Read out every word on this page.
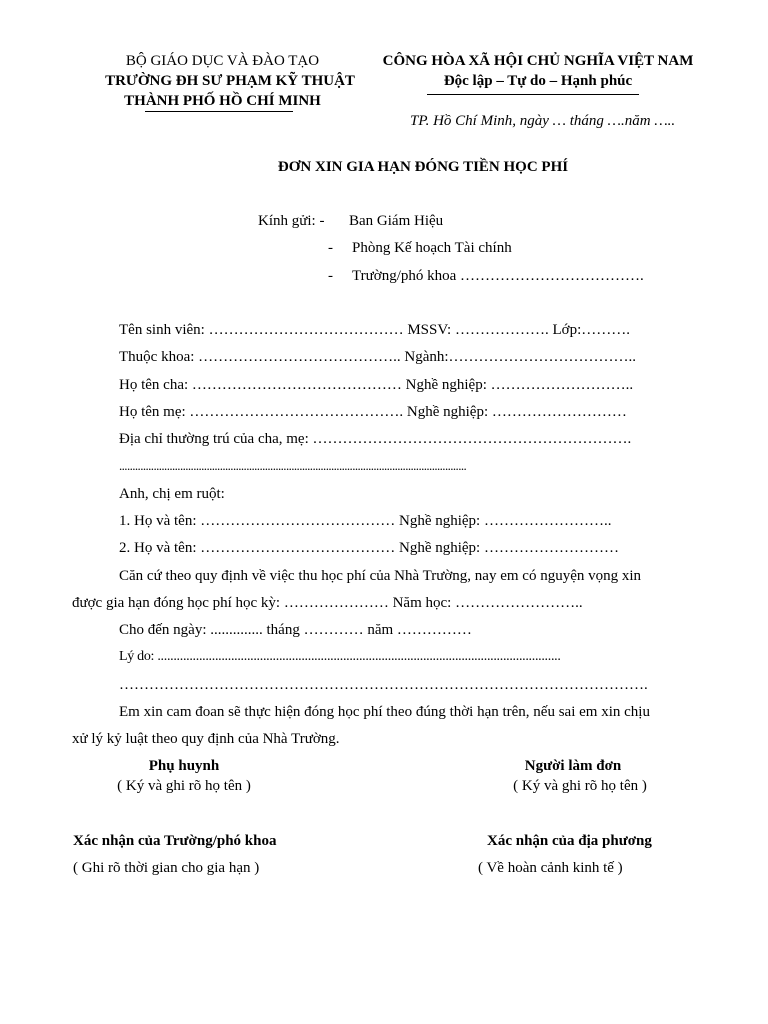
BỘ GIÁO DỤC VÀ ĐÀO TẠO
TRƯỜNG ĐH SƯ PHẠM KỸ THUẬT
THÀNH PHỐ HỒ CHÍ MINH
CÔNG HÒA XÃ HỘI CHỦ NGHĨA VIỆT NAM
Độc lập – Tự do – Hạnh phúc
TP. Hồ Chí Minh, ngày … tháng ….năm …..
ĐƠN XIN GIA HẠN ĐÓNG TIỀN HỌC PHÍ
Kính gửi: - Ban Giám Hiệu
- Phòng Kế hoạch Tài chính
- Trường/phó khoa ……………………………….
Tên sinh viên: ………………………………… MSSV: ………………. Lớp:……….
Thuộc khoa: ………………………………….. Ngành:………………………………..
Họ tên cha: …………………………………… Nghề nghiệp: ………………………..
Họ tên mẹ: ……………………………………. Nghề nghiệp: ………………………
Địa chỉ thường trú của cha, mẹ: ……………………………………………………….
...................................................................................................................................
Anh, chị em ruột:
1. Họ và tên: ………………………………… Nghề nghiệp: ……………………..
2. Họ và tên: ………………………………… Nghề nghiệp: ………………………
Căn cứ theo quy định về việc thu học phí của Nhà Trường, nay em có nguyện vọng xin
được gia hạn đóng học phí học kỳ: ………………… Năm học: ……………………..
Cho đến ngày: .............. tháng ………… năm ……………
Lý do: ..............................................................................................................................
…………………………………………………………………………………………….
Em xin cam đoan sẽ thực hiện đóng học phí theo đúng thời hạn trên, nếu sai em xin chịu
xử lý kỷ luật theo quy định của Nhà Trường.
Phụ huynh
( Ký và ghi rõ họ tên )
Người làm đơn
( Ký và ghi rõ họ tên )
Xác nhận của Trường/phó khoa
( Ghi rõ thời gian cho gia hạn )
Xác nhận của địa phương
( Về hoàn cảnh kinh tế )
